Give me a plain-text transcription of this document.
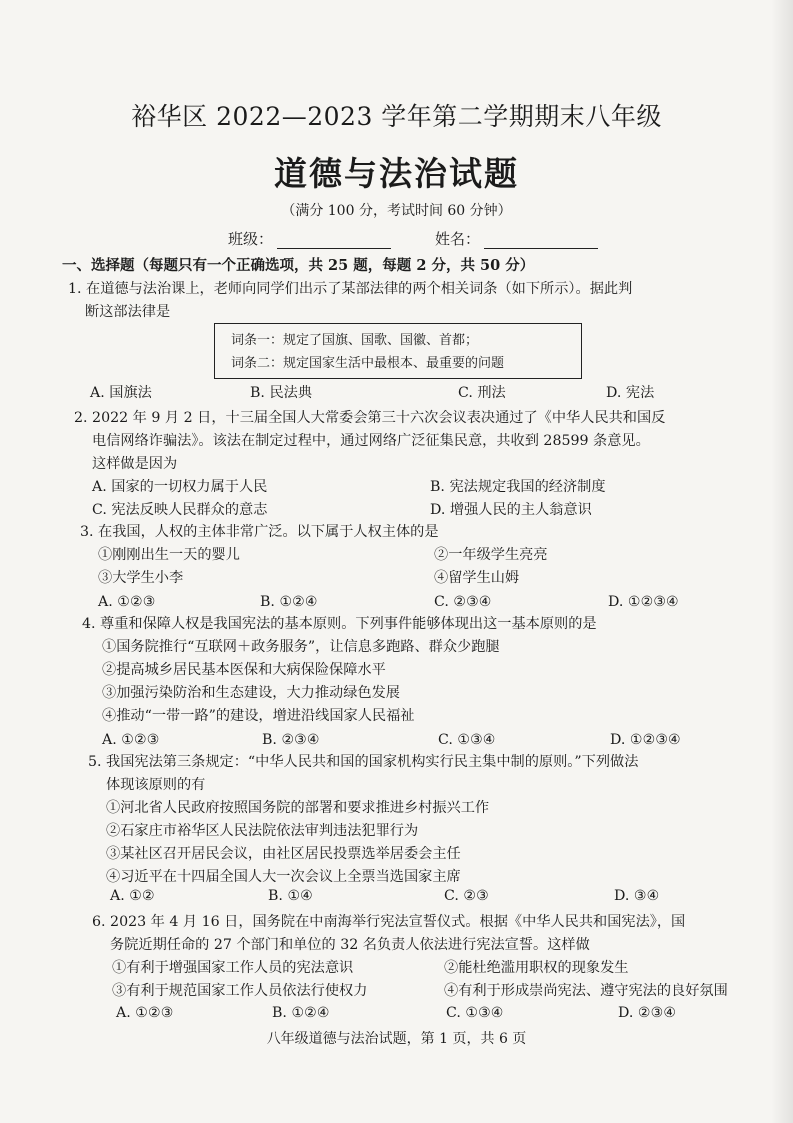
裕华区 2022—2023 学年第二学期期末八年级
道德与法治试题
（满分 100 分，考试时间 60 分钟）
班级：	姓名：
一、选择题（每题只有一个正确选项，共 25 题，每题 2 分，共 50 分）
1. 在道德与法治课上，老师向同学们出示了某部法律的两个相关词条（如下所示）。据此判
断这部法律是
词条一：规定了国旗、国歌、国徽、首都；
词条二：规定国家生活中最根本、最重要的问题
A. 国旗法	B. 民法典	C. 刑法	D. 宪法
2. 2022 年 9 月 2 日，十三届全国人大常委会第三十六次会议表决通过了《中华人民共和国反
电信网络诈骗法》。该法在制定过程中，通过网络广泛征集民意，共收到 28599 条意见。
这样做是因为
A. 国家的一切权力属于人民	B. 宪法规定我国的经济制度
C. 宪法反映人民群众的意志	D. 增强人民的主人翁意识
3. 在我国，人权的主体非常广泛。以下属于人权主体的是
①刚刚出生一天的婴儿	②一年级学生亮亮
③大学生小李	④留学生山姆
A. ①②③	B. ①②④	C. ②③④	D. ①②③④
4. 尊重和保障人权是我国宪法的基本原则。下列事件能够体现出这一基本原则的是
①国务院推行“互联网＋政务服务”，让信息多跑路、群众少跑腿
②提高城乡居民基本医保和大病保险保障水平
③加强污染防治和生态建设，大力推动绿色发展
④推动“一带一路”的建设，增进沿线国家人民福祉
A. ①②③	B. ②③④	C. ①③④	D. ①②③④
5. 我国宪法第三条规定：“中华人民共和国的国家机构实行民主集中制的原则。”下列做法
体现该原则的有
①河北省人民政府按照国务院的部署和要求推进乡村振兴工作
②石家庄市裕华区人民法院依法审判违法犯罪行为
③某社区召开居民会议，由社区居民投票选举居委会主任
④习近平在十四届全国人大一次会议上全票当选国家主席
A. ①②	B. ①④	C. ②③	D. ③④
6. 2023 年 4 月 16 日，国务院在中南海举行宪法宣誓仪式。根据《中华人民共和国宪法》，国
务院近期任命的 27 个部门和单位的 32 名负责人依法进行宪法宣誓。这样做
①有利于增强国家工作人员的宪法意识	②能杜绝滥用职权的现象发生
③有利于规范国家工作人员依法行使权力	④有利于形成崇尚宪法、遵守宪法的良好氛围
A. ①②③	B. ①②④	C. ①③④	D. ②③④
八年级道德与法治试题，第 1 页，共 6 页
